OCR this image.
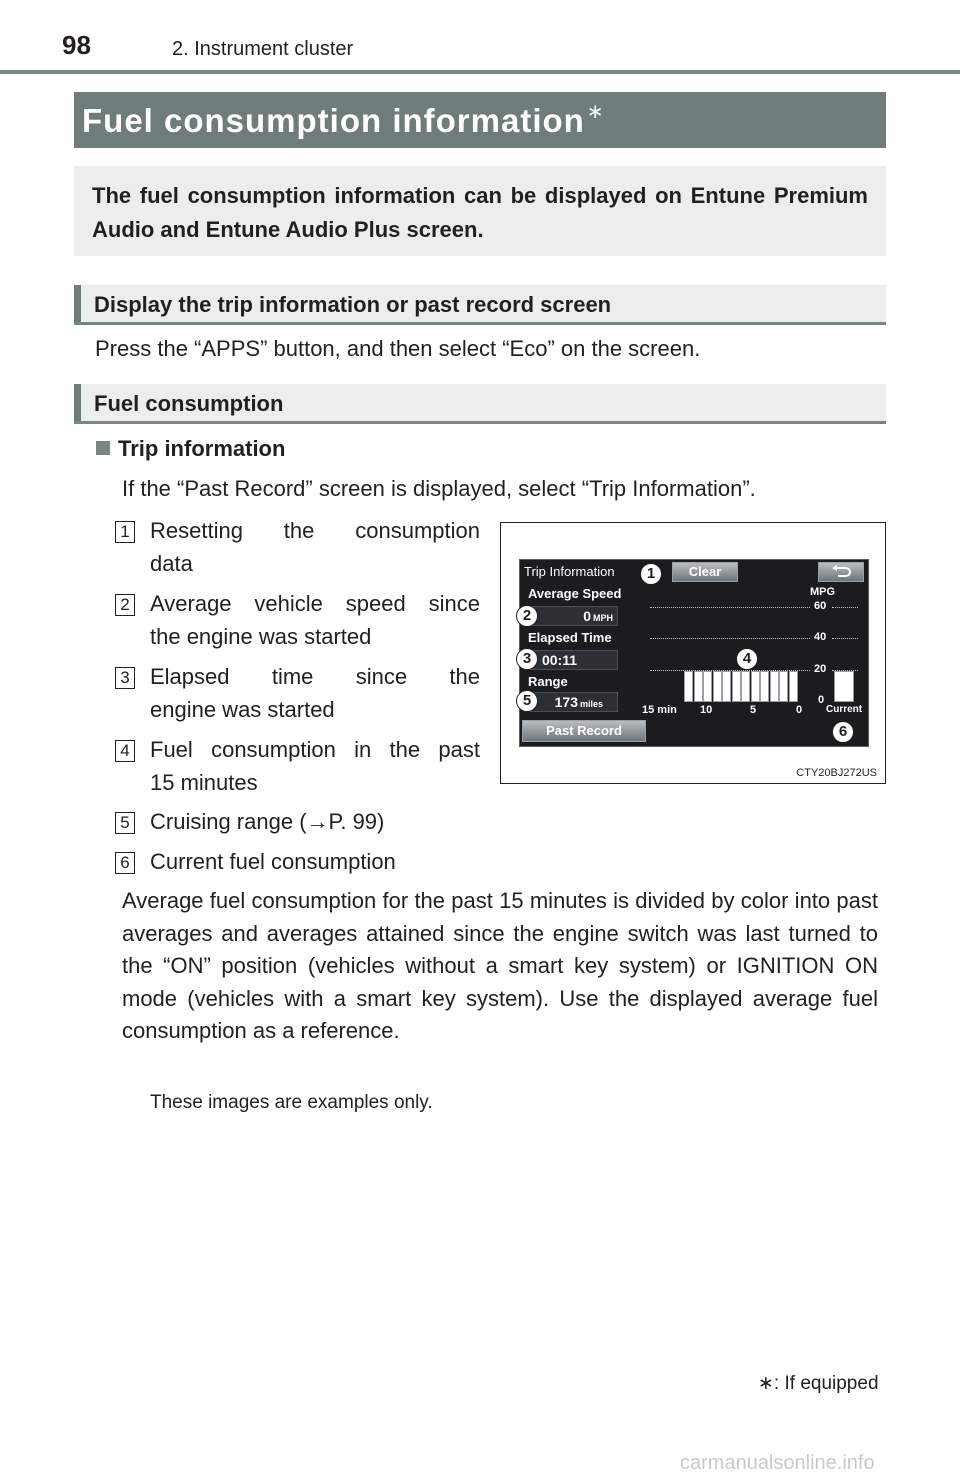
98	2. Instrument cluster
Fuel consumption information ∗
The fuel consumption information can be displayed on Entune Premium Audio and Entune Audio Plus screen.
Display the trip information or past record screen
Press the “APPS” button, and then select “Eco” on the screen.
Fuel consumption
Trip information
If the “Past Record” screen is displayed, select “Trip Information”.
1 Resetting the consumption
data
2 Average vehicle speed since
the engine was started
3 Elapsed time since the
engine was started
4 Fuel consumption in the past
15 minutes
5 Cruising range (→P. 99)
6 Current fuel consumption
Average fuel consumption for the past 15 minutes is divided by color into past averages and averages attained since the engine switch was last turned to the “ON” position (vehicles without a smart key system) or IGNITION ON mode (vehicles with a smart key system). Use the displayed average fuel consumption as a reference.
These images are examples only.
Trip Information	Clear
Average Speed
0 MPH
Elapsed Time
00:11
Range
173 miles
Past Record
MPG
60
40
20
0
15 min 10	5	0 Current
1
2
3	4
5
6
CTY20BJ272US
∗: If equipped
carmanualsonline.info
